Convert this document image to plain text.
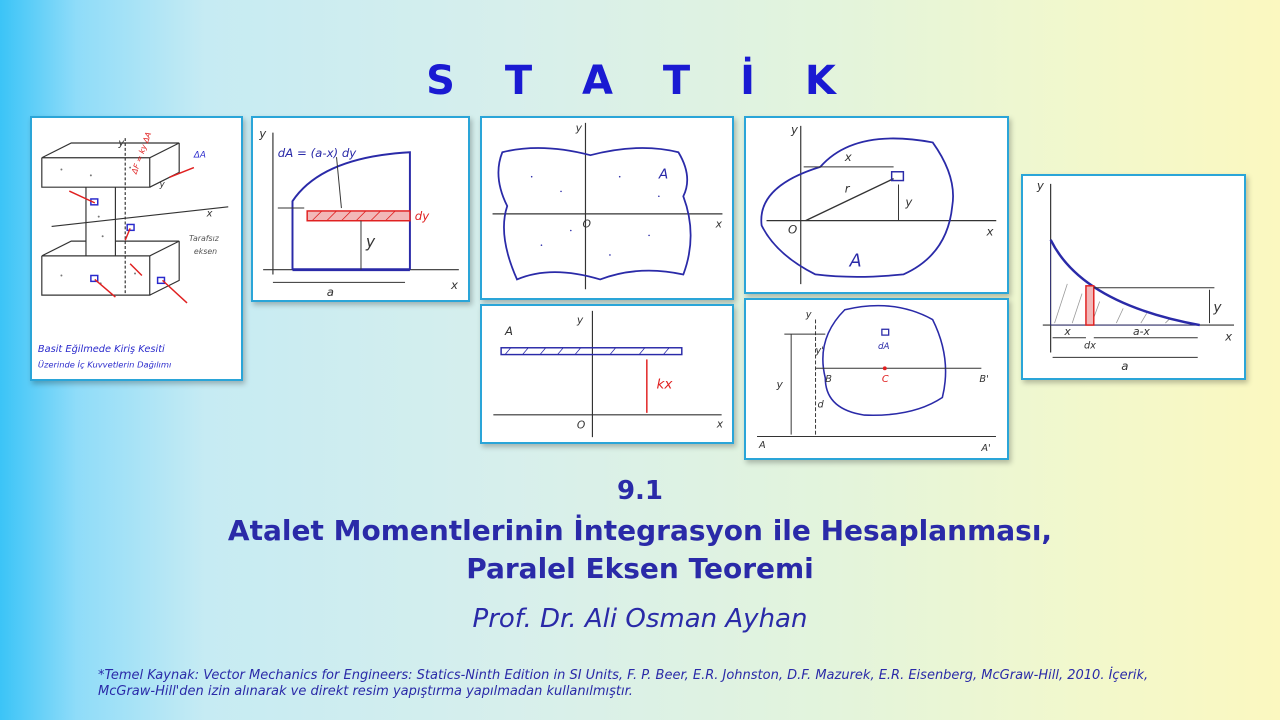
S T A T İ K
y
x
y
ΔA
ΔF = ky ΔA
Tarafsız
eksen
Basit Eğilmede Kiriş Kesiti
Üzerinde İç Kuvvetlerin Dağılımı
y
x
dA = (a-x) dy
dy
y
a
y
x
A
O
y
x
x
r
y
O
A
A
y
x
kx
O
y
y'
y
dA
B	B'
C
d
A	A'
y
x
y
x
dx
a-x
a
9.1
Atalet Momentlerinin İntegrasyon ile Hesaplanması,
Paralel Eksen Teoremi
Prof. Dr. Ali Osman Ayhan
*Temel Kaynak: Vector Mechanics for Engineers: Statics-Ninth Edition in SI Units, F. P. Beer, E.R. Johnston, D.F. Mazurek, E.R. Eisenberg, McGraw-Hill, 2010. İçerik, McGraw-Hill'den izin alınarak ve direkt resim yapıştırma yapılmadan kullanılmıştır.
